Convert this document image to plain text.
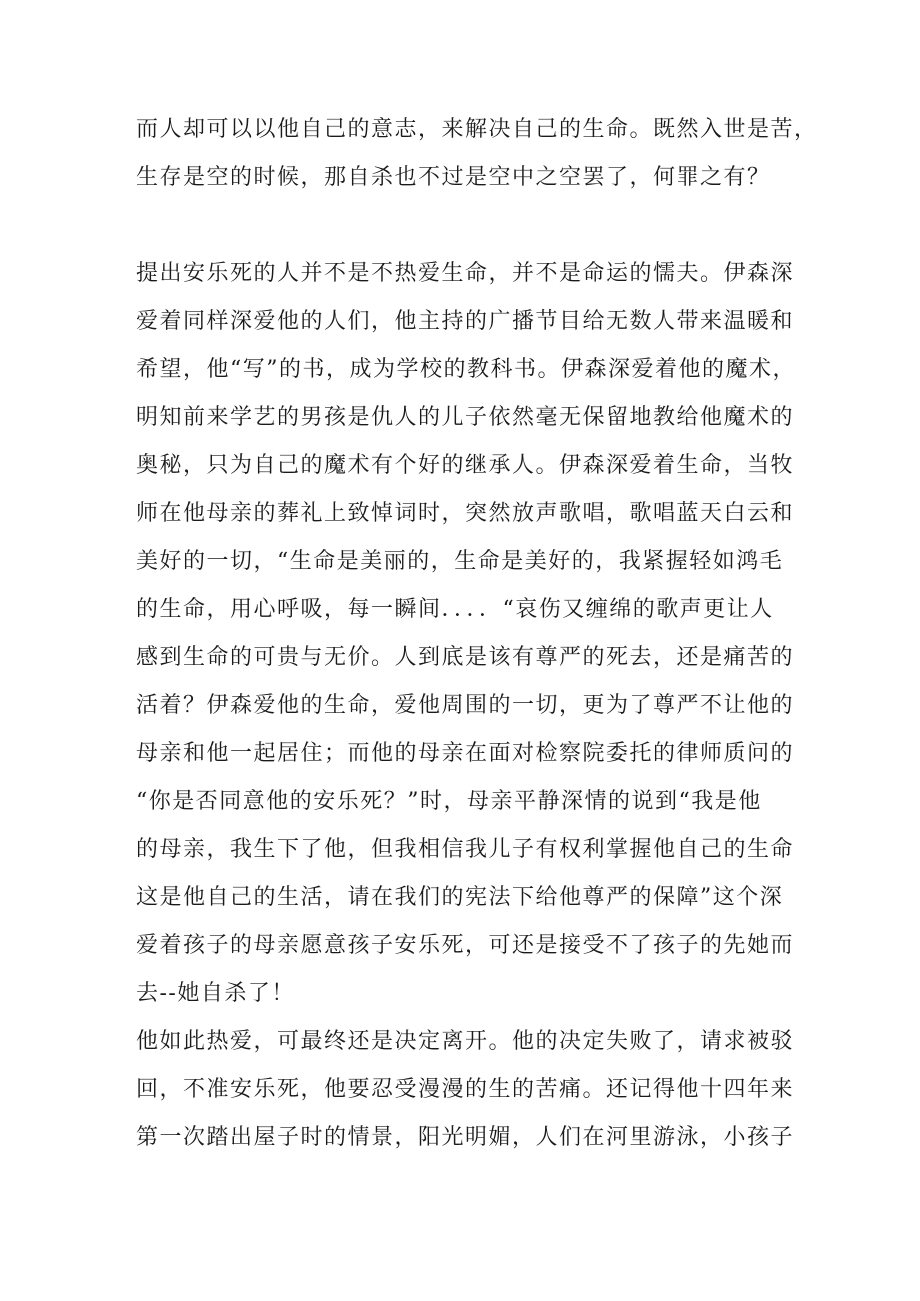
而人却可以以他自己的意志，来解决自己的生命。既然入世是苦，
生存是空的时候，那自杀也不过是空中之空罢了，何罪之有？
提出安乐死的人并不是不热爱生命，并不是命运的懦夫。伊森深
爱着同样深爱他的人们，他主持的广播节目给无数人带来温暖和
希望，他“写”的书，成为学校的教科书。伊森深爱着他的魔术，
明知前来学艺的男孩是仇人的儿子依然毫无保留地教给他魔术的
奥秘，只为自己的魔术有个好的继承人。伊森深爱着生命，当牧
师在他母亲的葬礼上致悼词时，突然放声歌唱，歌唱蓝天白云和
美好的一切，“生命是美丽的，生命是美好的，我紧握轻如鸿毛
的生命，用心呼吸，每一瞬间．．．．“哀伤又缠绵的歌声更让人
感到生命的可贵与无价。人到底是该有尊严的死去，还是痛苦的
活着？伊森爱他的生命，爱他周围的一切，更为了尊严不让他的
母亲和他一起居住；而他的母亲在面对检察院委托的律师质问的
“你是否同意他的安乐死？”时，母亲平静深情的说到“我是他
的母亲，我生下了他，但我相信我儿子有权利掌握他自己的生命
这是他自己的生活，请在我们的宪法下给他尊严的保障”这个深
爱着孩子的母亲愿意孩子安乐死，可还是接受不了孩子的先她而
去--她自杀了！
他如此热爱，可最终还是决定离开。他的决定失败了，请求被驳
回，不准安乐死，他要忍受漫漫的生的苦痛。还记得他十四年来
第一次踏出屋子时的情景，阳光明媚，人们在河里游泳，小孩子
